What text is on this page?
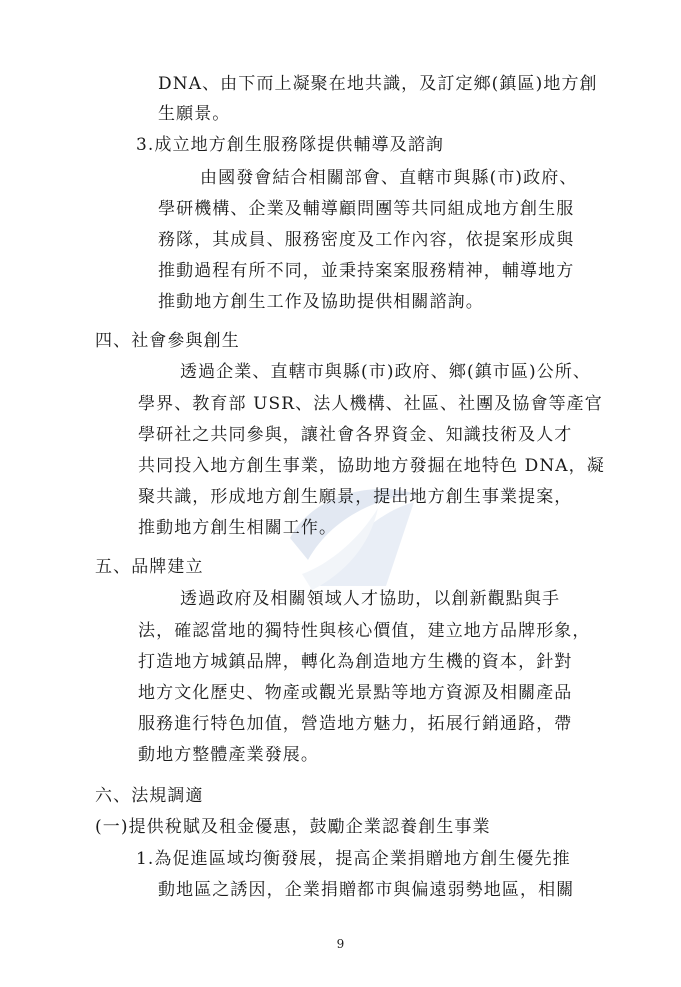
DNA、由下而上凝聚在地共識，及訂定鄉(鎮區)地方創
生願景。
3.成立地方創生服務隊提供輔導及諮詢
由國發會結合相關部會、直轄市與縣(市)政府、
學研機構、企業及輔導顧問團等共同組成地方創生服
務隊，其成員、服務密度及工作內容，依提案形成與
推動過程有所不同，並秉持案案服務精神，輔導地方
推動地方創生工作及協助提供相關諮詢。
四、社會參與創生
透過企業、直轄市與縣(市)政府、鄉(鎮市區)公所、
學界、教育部 USR、法人機構、社區、社團及協會等產官
學研社之共同參與，讓社會各界資金、知識技術及人才
共同投入地方創生事業，協助地方發掘在地特色 DNA，凝
聚共識，形成地方創生願景，提出地方創生事業提案，
推動地方創生相關工作。
五、品牌建立
透過政府及相關領域人才協助，以創新觀點與手
法，確認當地的獨特性與核心價值，建立地方品牌形象，
打造地方城鎮品牌，轉化為創造地方生機的資本，針對
地方文化歷史、物產或觀光景點等地方資源及相關產品
服務進行特色加值，營造地方魅力，拓展行銷通路，帶
動地方整體產業發展。
六、法規調適
(一)提供稅賦及租金優惠，鼓勵企業認養創生事業
1.為促進區域均衡發展，提高企業捐贈地方創生優先推
動地區之誘因，企業捐贈都市與偏遠弱勢地區，相關
9
